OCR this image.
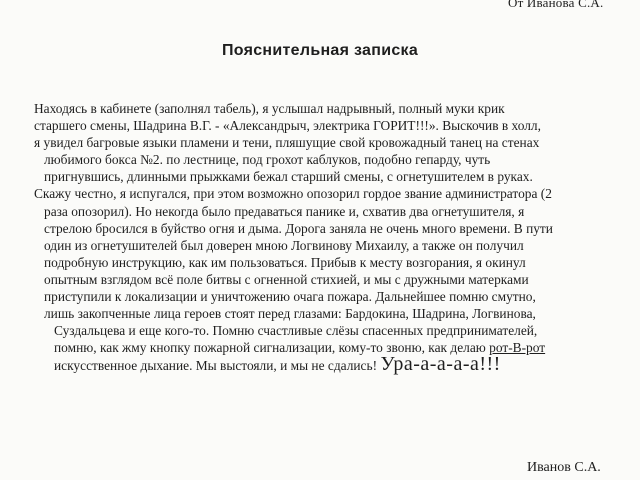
От Иванова С.А.
Пояснительная записка
Находясь в кабинете (заполнял табель), я услышал надрывный, полный муки крик
старшего смены, Шадрина В.Г. - «Александрыч, электрика ГОРИТ!!!». Выскочив в холл,
я увидел багровые языки пламени и тени, пляшущие свой кровожадный танец на стенах
любимого бокса №2. по лестнице, под грохот каблуков, подобно гепарду, чуть
пригнувшись, длинными прыжками бежал старший смены, с огнетушителем в руках.
Скажу честно, я испугался, при этом возможно опозорил гордое звание администратора (2
раза опозорил). Но некогда было предаваться панике и, схватив два огнетушителя, я
стрелою бросился в буйство огня и дыма. Дорога заняла не очень много времени. В пути
один из огнетушителей был доверен мною Логвинову Михаилу, а также он получил
подробную инструкцию, как им пользоваться. Прибыв к месту возгорания, я окинул
опытным взглядом всё поле битвы с огненной стихией, и мы с дружными матерками
приступили к локализации и уничтожению очага пожара. Дальнейшее помню смутно,
лишь закопченные лица героев стоят перед глазами: Бардокина, Шадрина, Логвинова,
Суздальцева и еще кого-то. Помню счастливые слёзы спасенных предпринимателей,
помню, как жму кнопку пожарной сигнализации, кому-то звоню, как делаю рот-В-рот
искусственное дыхание. Мы выстояли, и мы не сдались! Ура-а-а-а-а!!!
Иванов С.А.
